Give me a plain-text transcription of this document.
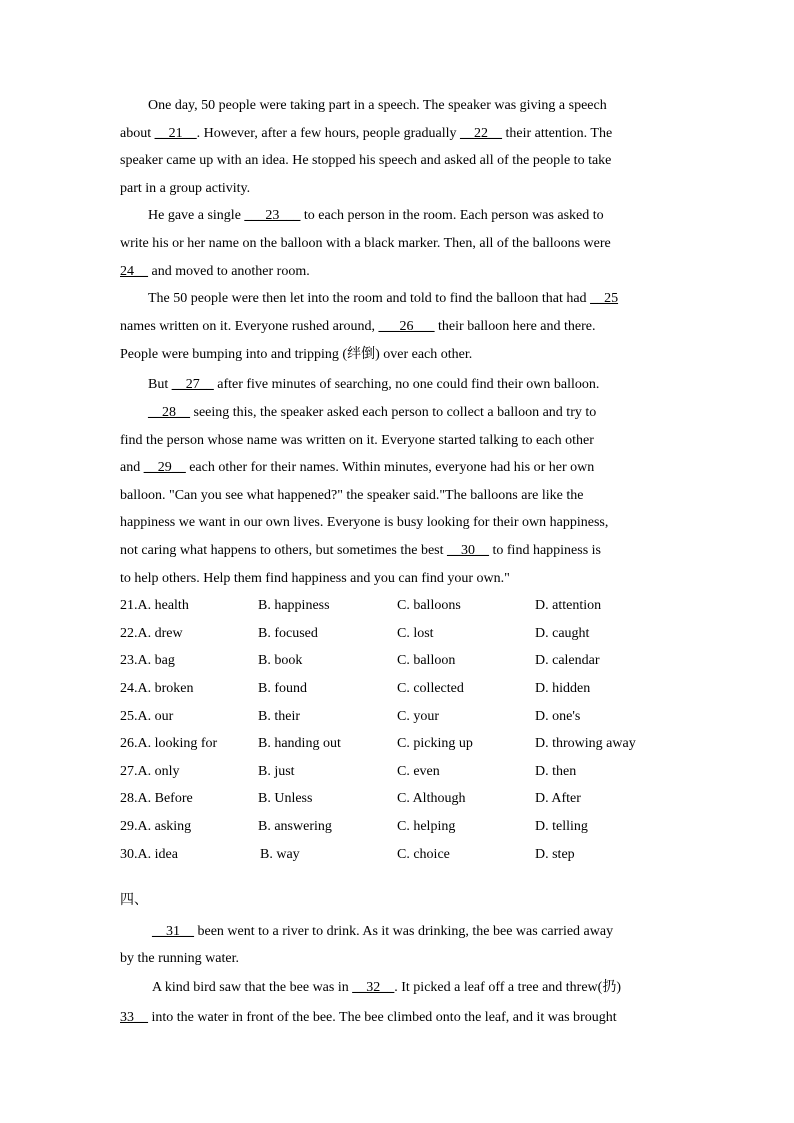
One day, 50 people were taking part in a speech. The speaker was giving a speech
about __21__. However, after a few hours, people gradually __22__ their attention. The
speaker came up with an idea. He stopped his speech and asked all of the people to take
part in a group activity.
He gave a single ___23___ to each person in the room. Each person was asked to
write his or her name on the balloon with a black marker. Then, all of the balloons were
24__ and moved to another room.
The 50 people were then let into the room and told to find the balloon that had __25
names written on it. Everyone rushed around, ___26___ their balloon here and there.
People were bumping into and tripping (绊倒) over each other.
But __27__ after five minutes of searching, no one could find their own balloon.
__28__ seeing this, the speaker asked each person to collect a balloon and try to
find the person whose name was written on it. Everyone started talking to each other
and __29__ each other for their names. Within minutes, everyone had his or her own
balloon. "Can you see what happened?" the speaker said."The balloons are like the
happiness we want in our own lives. Everyone is busy looking for their own happiness,
not caring what happens to others, but sometimes the best __30__ to find happiness is
to help others. Help them find happiness and you can find your own."
21.A. health	B. happiness	C. balloons	D. attention
22.A. drew	B. focused	C. lost	D. caught
23.A. bag	B. book	C. balloon	D. calendar
24.A. broken	B. found	C. collected	D. hidden
25.A. our	B. their	C. your	D. one's
26.A. looking for	B. handing out	C. picking up	D. throwing away
27.A. only	B. just	C. even	D. then
28.A. Before	B. Unless	C. Although	D. After
29.A. asking	B. answering	C. helping	D. telling
30.A. idea	B. way	C. choice	D. step
四、
__31__ been went to a river to drink. As it was drinking, the bee was carried away
by the running water.
A kind bird saw that the bee was in __32__. It picked a leaf off a tree and threw(扔)
33__ into the water in front of the bee. The bee climbed onto the leaf, and it was brought
